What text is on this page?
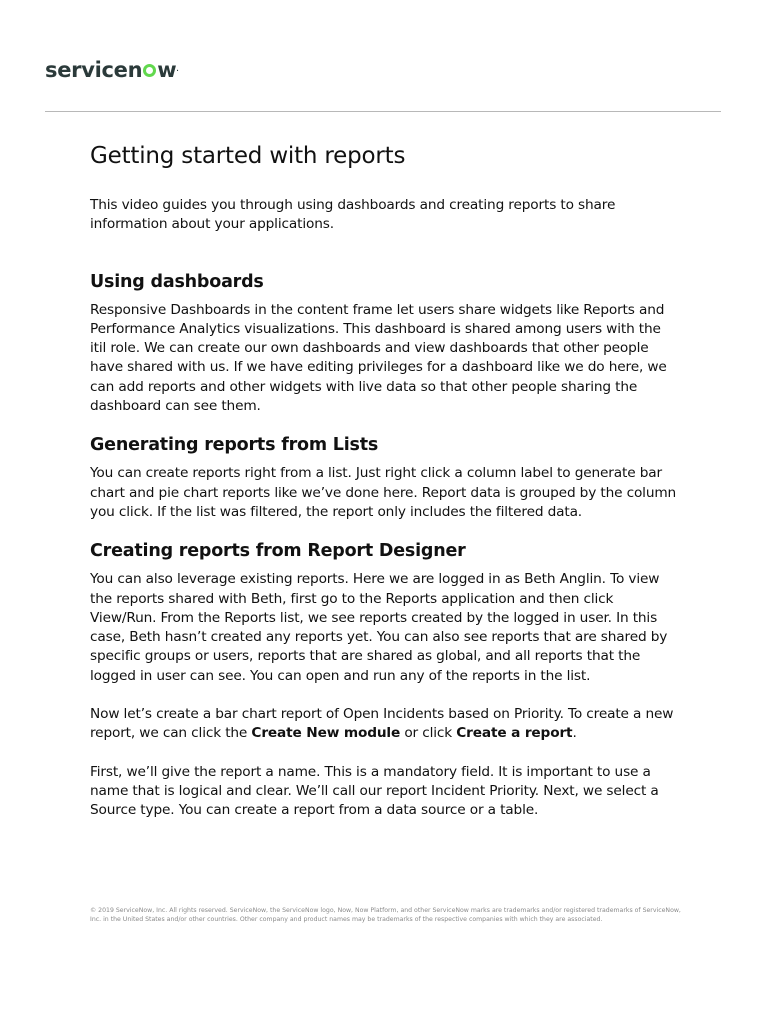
servicen w.
Getting started with reports

This video guides you through using dashboards and creating reports to share information about your applications.

Using dashboards

Responsive Dashboards in the content frame let users share widgets like Reports and Performance Analytics visualizations. This dashboard is shared among users with the itil role. We can create our own dashboards and view dashboards that other people have shared with us. If we have editing privileges for a dashboard like we do here, we can add reports and other widgets with live data so that other people sharing the dashboard can see them.

Generating reports from Lists

You can create reports right from a list. Just right click a column label to generate bar chart and pie chart reports like we’ve done here. Report data is grouped by the column you click. If the list was filtered, the report only includes the filtered data.

Creating reports from Report Designer

You can also leverage existing reports. Here we are logged in as Beth Anglin. To view the reports shared with Beth, first go to the Reports application and then click View/Run. From the Reports list, we see reports created by the logged in user. In this case, Beth hasn’t created any reports yet. You can also see reports that are shared by specific groups or users, reports that are shared as global, and all reports that the logged in user can see. You can open and run any of the reports in the list.

Now let’s create a bar chart report of Open Incidents based on Priority. To create a new report, we can click the Create New module or click Create a report.

First, we’ll give the report a name. This is a mandatory field. It is important to use a name that is logical and clear. We’ll call our report Incident Priority. Next, we select a Source type. You can create a report from a data source or a table.

© 2019 ServiceNow, Inc. All rights reserved. ServiceNow, the ServiceNow logo, Now, Now Platform, and other ServiceNow marks are trademarks and/or registered trademarks of ServiceNow, Inc. in the United States and/or other countries. Other company and product names may be trademarks of the respective companies with which they are associated.
